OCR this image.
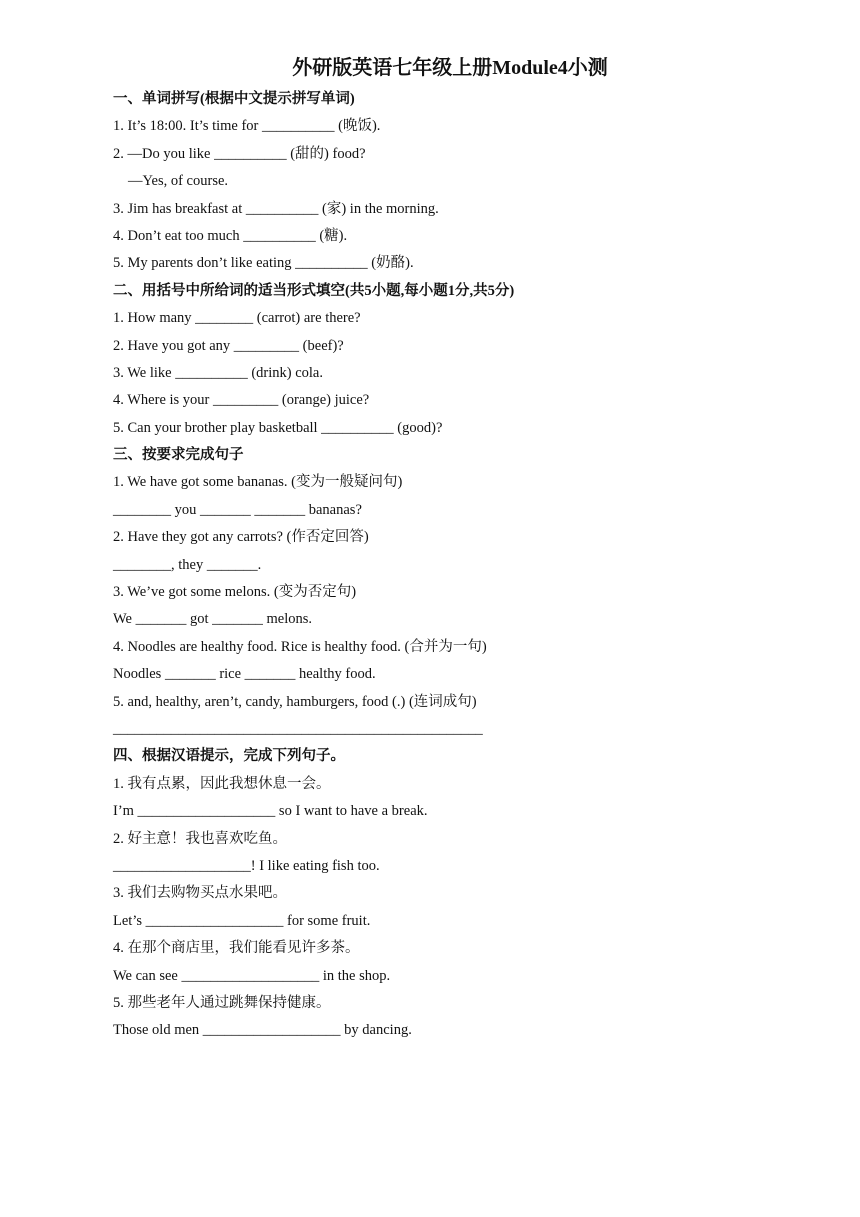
外研版英语七年级上册Module4小测
一、单词拼写(根据中文提示拼写单词)
1. It’s 18:00. It’s time for __________ (晚饭).
2. —Do you like __________ (甜的) food?
—Yes, of course.
3. Jim has breakfast at __________ (家) in the morning.
4. Don’t eat too much __________ (糖).
5. My parents don’t like eating __________ (奶酪).
二、用括号中所给词的适当形式填空(共5小题,每小题1分,共5分)
1. How many ________ (carrot) are there?
2. Have you got any _________ (beef)?
3. We like __________ (drink) cola.
4. Where is your _________ (orange) juice?
5. Can your brother play basketball __________ (good)?
三、按要求完成句子
1. We have got some bananas. (变为一般疑问句)
________ you _______ _______ bananas?
2. Have they got any carrots? (作否定回答)
________, they _______.
3. We’ve got some melons. (变为否定句)
We _______ got _______ melons.
4. Noodles are healthy food. Rice is healthy food. (合并为一句)
Noodles _______ rice _______ healthy food.
5. and, healthy, aren’t, candy, hamburgers, food (.) (连词成句)
___________________________________________________
四、根据汉语提示，完成下列句子。
1. 我有点累，因此我想休息一会。
I’m ___________________ so I want to have a break.
2. 好主意！我也喜欢吃鱼。
___________________! I like eating fish too.
3. 我们去购物买点水果吧。
Let’s ___________________ for some fruit.
4. 在那个商店里，我们能看见许多茶。
We can see ___________________ in the shop.
5. 那些老年人通过跳舞保持健康。
Those old men ___________________ by dancing.
